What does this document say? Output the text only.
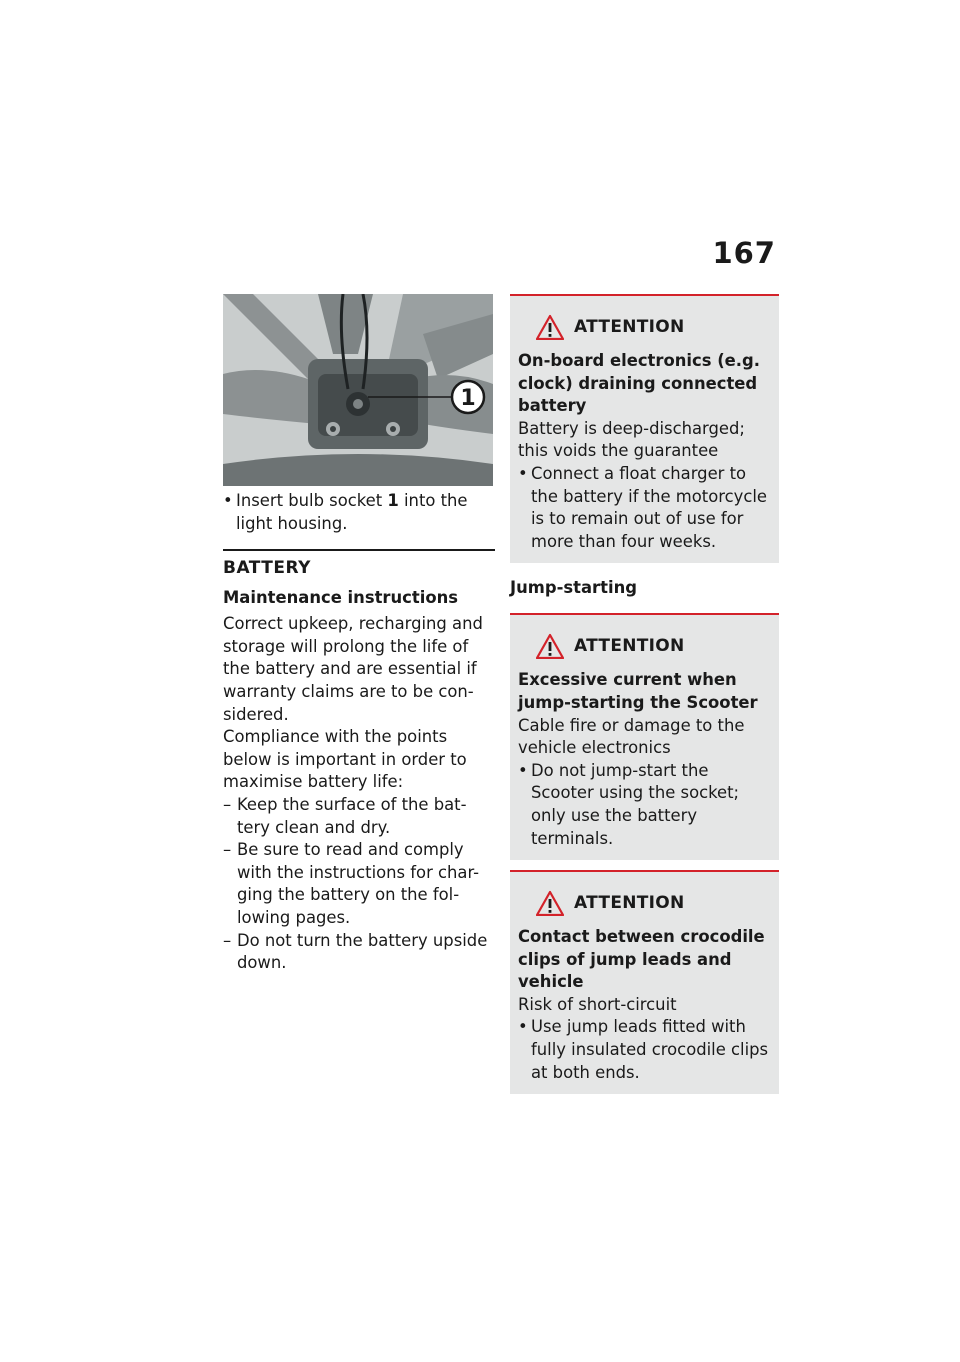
167
1
• Insert bulb socket 1 into the light housing.
BATTERY
Maintenance instructions

Correct upkeep, recharging and storage will prolong the life of the battery and are essential if warranty claims are to be con-sidered.

Compliance with the points below is important in order to maximise battery life:

– Keep the surface of the bat-tery clean and dry.
– Be sure to read and comply with the instructions for char-ging the battery on the fol-lowing pages.
– Do not turn the battery upside down.
ATTENTION

On-board electronics (e.g. clock) draining connected battery

Battery is deep-discharged; this voids the guarantee

• Connect a float charger to the battery if the motorcycle is to remain out of use for more than four weeks.
Jump-starting
ATTENTION

Excessive current when jump-starting the Scooter

Cable fire or damage to the vehicle electronics

• Do not jump-start the Scooter using the socket; only use the battery terminals.
ATTENTION

Contact between crocodile clips of jump leads and vehicle

Risk of short-circuit

• Use jump leads fitted with fully insulated crocodile clips at both ends.
